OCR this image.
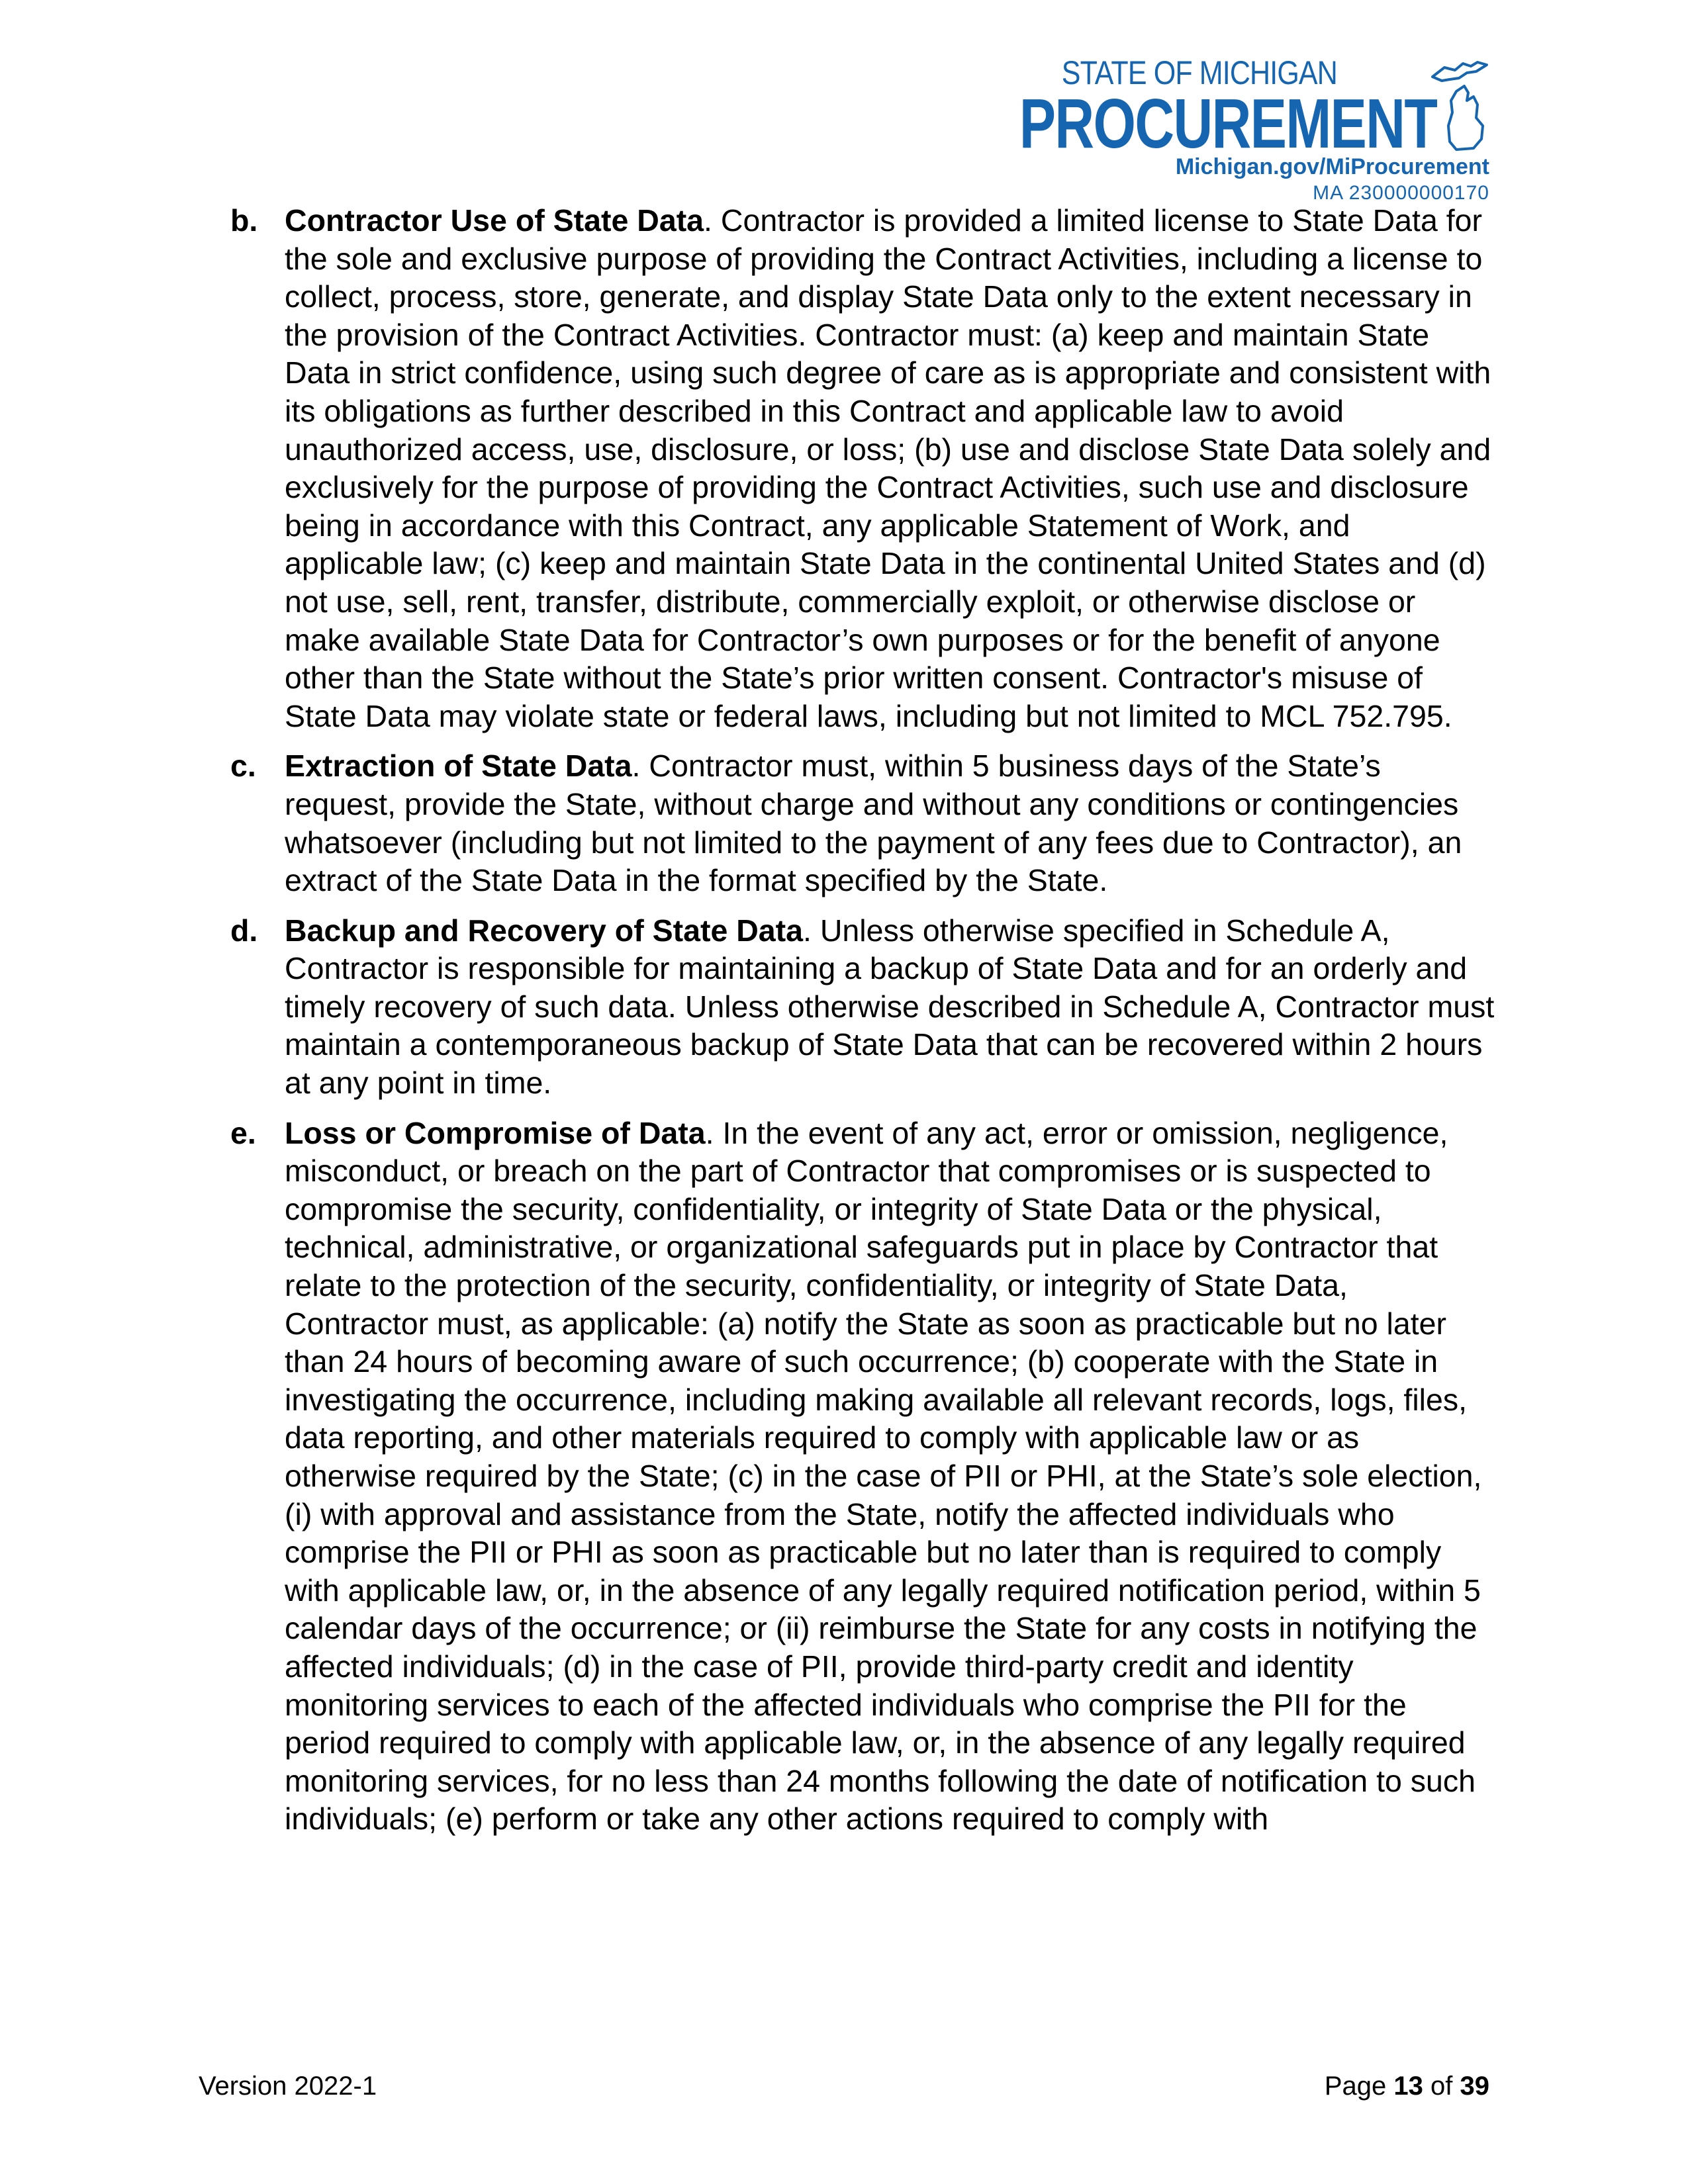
STATE OF MICHIGAN
PROCUREMENT
Michigan.gov/MiProcurement
MA 230000000170
b. Contractor Use of State Data. Contractor is provided a limited license to State Data for the sole and exclusive purpose of providing the Contract Activities, including a license to collect, process, store, generate, and display State Data only to the extent necessary in the provision of the Contract Activities. Contractor must: (a) keep and maintain State Data in strict confidence, using such degree of care as is appropriate and consistent with its obligations as further described in this Contract and applicable law to avoid unauthorized access, use, disclosure, or loss; (b) use and disclose State Data solely and exclusively for the purpose of providing the Contract Activities, such use and disclosure being in accordance with this Contract, any applicable Statement of Work, and applicable law; (c) keep and maintain State Data in the continental United States and (d) not use, sell, rent, transfer, distribute, commercially exploit, or otherwise disclose or make available State Data for Contractor’s own purposes or for the benefit of anyone other than the State without the State’s prior written consent. Contractor's misuse of State Data may violate state or federal laws, including but not limited to MCL 752.795.
c. Extraction of State Data. Contractor must, within 5 business days of the State’s request, provide the State, without charge and without any conditions or contingencies whatsoever (including but not limited to the payment of any fees due to Contractor), an extract of the State Data in the format specified by the State.
d. Backup and Recovery of State Data. Unless otherwise specified in Schedule A, Contractor is responsible for maintaining a backup of State Data and for an orderly and timely recovery of such data. Unless otherwise described in Schedule A, Contractor must maintain a contemporaneous backup of State Data that can be recovered within 2 hours at any point in time.
e. Loss or Compromise of Data. In the event of any act, error or omission, negligence, misconduct, or breach on the part of Contractor that compromises or is suspected to compromise the security, confidentiality, or integrity of State Data or the physical, technical, administrative, or organizational safeguards put in place by Contractor that relate to the protection of the security, confidentiality, or integrity of State Data, Contractor must, as applicable: (a) notify the State as soon as practicable but no later than 24 hours of becoming aware of such occurrence; (b) cooperate with the State in investigating the occurrence, including making available all relevant records, logs, files, data reporting, and other materials required to comply with applicable law or as otherwise required by the State; (c) in the case of PII or PHI, at the State’s sole election, (i) with approval and assistance from the State, notify the affected individuals who comprise the PII or PHI as soon as practicable but no later than is required to comply with applicable law, or, in the absence of any legally required notification period, within 5 calendar days of the occurrence; or (ii) reimburse the State for any costs in notifying the affected individuals; (d) in the case of PII, provide third-party credit and identity monitoring services to each of the affected individuals who comprise the PII for the period required to comply with applicable law, or, in the absence of any legally required monitoring services, for no less than 24 months following the date of notification to such individuals; (e) perform or take any other actions required to comply with
Version 2022-1	Page 13 of 39
